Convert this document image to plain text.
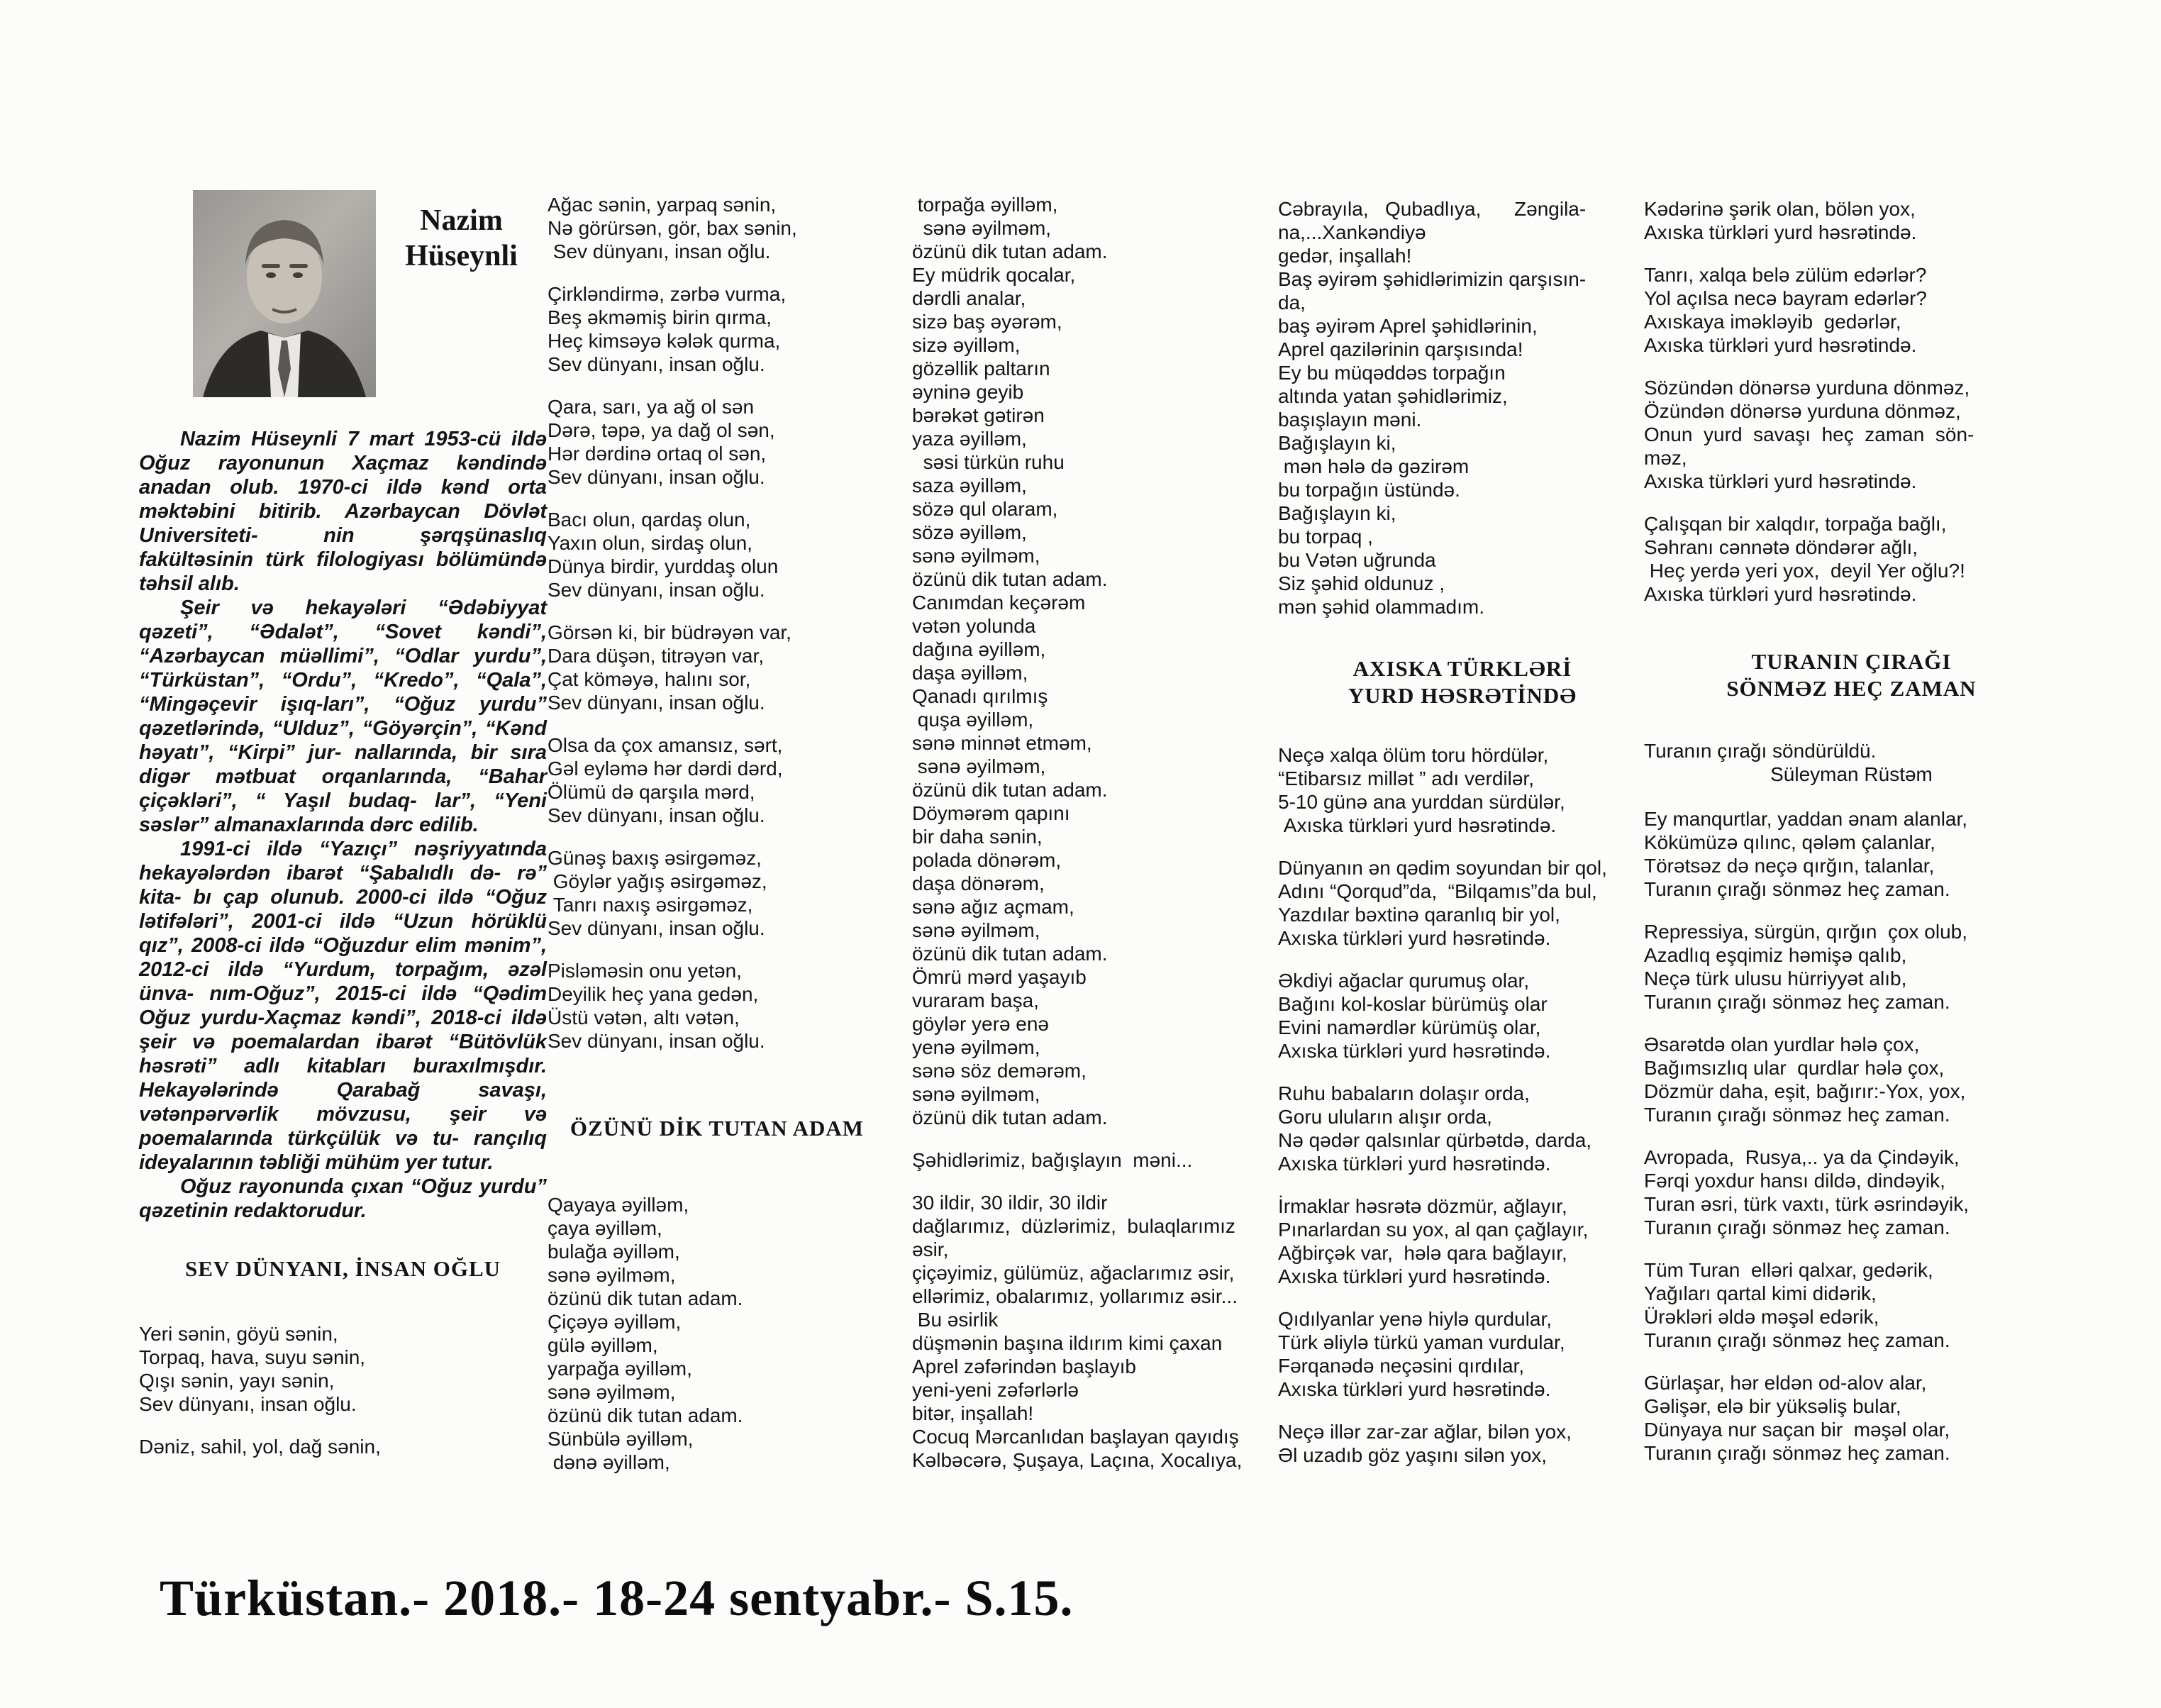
Nazim
Hüseynli

Nazim Hüseynli 7 mart 1953-cü ildə Oğuz rayonunun Xaçmaz kəndində anadan olub. 1970-ci ildə kənd orta məktəbini bitirib. Azərbaycan Dövlət Universiteti- nin şərqşünaslıq fakültəsinin türk filologiyası bölümündə təhsil alıb.

Şeir və hekayələri “Ədəbiyyat qəzeti”, “Ədalət”, “Sovet kəndi”, “Azərbaycan müəllimi”, “Odlar yurdu”, “Türküstan”, “Ordu”, “Kredo”, “Qala”, “Mingəçevir işıq-ları”, “Oğuz yurdu” qəzetlərində, “Ulduz”, “Göyərçin”, “Kənd həyatı”, “Kirpi” jur- nallarında, bir sıra digər mətbuat orqanlarında, “Bahar çiçəkləri”, “ Yaşıl budaq- lar”, “Yeni səslər” almanaxlarında dərc edilib.

1991-ci ildə “Yazıçı” nəşriyyatında hekayələrdən ibarət “Şabalıdlı də- rə” kita- bı çap olunub. 2000-ci ildə “Oğuz lətifələri”, 2001-ci ildə “Uzun hörüklü qız”, 2008-ci ildə “Oğuzdur elim mənim”, 2012-ci ildə “Yurdum, torpağım, əzəl ünva- nım-Oğuz”, 2015-ci ildə “Qədim Oğuz yurdu-Xaçmaz kəndi”, 2018-ci ildə şeir və poemalardan ibarət “Bütövlük həsrəti” adlı kitabları buraxılmışdır. Hekayələrində Qarabağ savaşı, vətənpərvərlik mövzusu, şeir və poemalarında türkçülük və tu- rançılıq ideyalarının təbliği mühüm yer tutur.

Oğuz rayonunda çıxan “Oğuz yurdu” qəzetinin redaktorudur.

SEV DÜNYANI, İNSAN OĞLU
Yeri sənin, göyü sənin,
Torpaq, hava, suyu sənin,
Qışı sənin, yayı sənin,
Sev dünyanı, insan oğlu.
Dəniz, sahil, yol, dağ sənin,
Ağac sənin, yarpaq sənin,
Nə görürsən, gör, bax sənin,
Sev dünyanı, insan oğlu.
Çirkləndirmə, zərbə vurma,
Beş əkməmiş birin qırma,
Heç kimsəyə kələk qurma,
Sev dünyanı, insan oğlu.
Qara, sarı, ya ağ ol sən
Dərə, təpə, ya dağ ol sən,
Hər dərdinə ortaq ol sən,
Sev dünyanı, insan oğlu.
Bacı olun, qardaş olun,
Yaxın olun, sirdaş olun,
Dünya birdir, yurddaş olun
Sev dünyanı, insan oğlu.
Görsən ki, bir büdrəyən var,
Dara düşən, titrəyən var,
Çat köməyə, halını sor,
Sev dünyanı, insan oğlu.
Olsa da çox amansız, sərt,
Gəl eyləmə hər dərdi dərd,
Ölümü də qarşıla mərd,
Sev dünyanı, insan oğlu.
Günəş baxış əsirgəməz,
Göylər yağış əsirgəməz,
Tanrı naxış əsirgəməz,
Sev dünyanı, insan oğlu.
Pisləməsin onu yetən,
Deyilik heç yana gedən,
Üstü vətən, altı vətən,
Sev dünyanı, insan oğlu.
ÖZÜNÜ DİK TUTAN ADAM
Qayaya əyilləm,
çaya əyilləm,
bulağa əyilləm,
sənə əyilməm,
özünü dik tutan adam.
Çiçəyə əyilləm,
gülə əyilləm,
yarpağa əyilləm,
sənə əyilməm,
özünü dik tutan adam.
Sünbülə əyilləm,
dənə əyilləm,
torpağa əyilləm,
sənə əyilməm,
özünü dik tutan adam.
Ey müdrik qocalar,
dərdli analar,
sizə baş əyərəm,
sizə əyilləm,
gözəllik paltarın
əyninə geyib
bərəkət gətirən
yaza əyilləm,
səsi türkün ruhu
saza əyilləm,
sözə qul olaram,
sözə əyilləm,
sənə əyilməm,
özünü dik tutan adam.
Canımdan keçərəm
vətən yolunda
dağına əyilləm,
daşa əyilləm,
Qanadı qırılmış
quşa əyilləm,
sənə minnət etməm,
sənə əyilməm,
özünü dik tutan adam.
Döymərəm qapını
bir daha sənin,
polada dönərəm,
daşa dönərəm,
sənə ağız açmam,
sənə əyilməm,
özünü dik tutan adam.
Ömrü mərd yaşayıb
vuraram başa,
göylər yerə enə
yenə əyilməm,
sənə söz demərəm,
sənə əyilməm,
özünü dik tutan adam.
Şəhidlərimiz, bağışlayın  məni...
30 ildir, 30 ildir, 30 ildir
dağlarımız,  düzlərimiz,  bulaqlarımız
əsir,
çiçəyimiz, gülümüz, ağaclarımız əsir,
ellərimiz, obalarımız, yollarımız əsir...
Bu əsirlik
düşmənin başına ildırım kimi çaxan
Aprel zəfərindən başlayıb
yeni-yeni zəfərlərlə
bitər, inşallah!
Cocuq Mərcanlıdan başlayan qayıdış
Kəlbəcərə, Şuşaya, Laçına, Xocalıya,
Cəbrayıla,   Qubadlıya,      Zəngila-
na,...Xankəndiyə
gedər, inşallah!
Baş əyirəm şəhidlərimizin qarşısın-
da,
baş əyirəm Aprel şəhidlərinin,
Aprel qazilərinin qarşısında!
Ey bu müqəddəs torpağın
altında yatan şəhidlərimiz,
başışlayın məni.
Bağışlayın ki,
mən hələ də gəzirəm
bu torpağın üstündə.
Bağışlayın ki,
bu torpaq ,
bu Vətən uğrunda
Siz şəhid oldunuz ,
mən şəhid olammadım.
AXISKA TÜRKLƏRİ
YURD HƏSRƏTİNDƏ
Neçə xalqa ölüm toru hördülər,
“Etibarsız millət ” adı verdilər,
5-10 günə ana yurddan sürdülər,
Axıska türkləri yurd həsrətində.
Dünyanın ən qədim soyundan bir qol,
Adını “Qorqud”da,  “Bilqamıs”da bul,
Yazdılar bəxtinə qaranlıq bir yol,
Axıska türkləri yurd həsrətində.
Əkdiyi ağaclar qurumuş olar,
Bağını kol-koslar bürümüş olar
Evini namərdlər kürümüş olar,
Axıska türkləri yurd həsrətində.
Ruhu babaların dolaşır orda,
Goru uluların alışır orda,
Nə qədər qalsınlar qürbətdə, darda,
Axıska türkləri yurd həsrətində.
İrmaklar həsrətə dözmür, ağlayır,
Pınarlardan su yox, al qan çağlayır,
Ağbirçək var,  hələ qara bağlayır,
Axıska türkləri yurd həsrətində.
Qıdılyanlar yenə hiylə qurdular,
Türk əliylə türkü yaman vurdular,
Fərqanədə neçəsini qırdılar,
Axıska türkləri yurd həsrətində.
Neçə illər zar-zar ağlar, bilən yox,
Əl uzadıb göz yaşını silən yox,
Kədərinə şərik olan, bölən yox,
Axıska türkləri yurd həsrətində.
Tanrı, xalqa belə zülüm edərlər?
Yol açılsa necə bayram edərlər?
Axıskaya iməkləyib  gedərlər,
Axıska türkləri yurd həsrətində.
Sözündən dönərsə yurduna dönməz,
Özündən dönərsə yurduna dönməz,
Onun  yurd  savaşı  heç  zaman  sön-
məz,
Axıska türkləri yurd həsrətində.
Çalışqan bir xalqdır, torpağa bağlı,
Səhranı cənnətə döndərər ağlı,
Heç yerdə yeri yox,  deyil Yer oğlu?!
Axıska türkləri yurd həsrətində.
TURANIN ÇIRAĞI
SÖNMƏZ HEÇ ZAMAN
Turanın çırağı söndürüldü.
Süleyman Rüstəm
Ey manqurtlar, yaddan ənam alanlar,
Kökümüzə qılınc, qələm çalanlar,
Törətsəz də neçə qırğın, talanlar,
Turanın çırağı sönməz heç zaman.
Repressiya, sürgün, qırğın  çox olub,
Azadlıq eşqimiz həmişə qalıb,
Neçə türk ulusu hürriyyət alıb,
Turanın çırağı sönməz heç zaman.
Əsarətdə olan yurdlar hələ çox,
Bağımsızlıq ular  qurdlar hələ çox,
Dözmür daha, eşit, bağırır:-Yox, yox,
Turanın çırağı sönməz heç zaman.
Avropada,  Rusya,.. ya da Çindəyik,
Fərqi yoxdur hansı dildə, dindəyik,
Turan əsri, türk vaxtı, türk əsrindəyik,
Turanın çırağı sönməz heç zaman.
Tüm Turan  elləri qalxar, gedərik,
Yağıları qartal kimi didərik,
Ürəkləri əldə məşəl edərik,
Turanın çırağı sönməz heç zaman.
Gürlaşar, hər eldən od-alov alar,
Gəlişər, elə bir yüksəliş bular,
Dünyaya nur saçan bir  məşəl olar,
Turanın çırağı sönməz heç zaman.
Türküstan.- 2018.- 18-24 sentyabr.- S.15.
